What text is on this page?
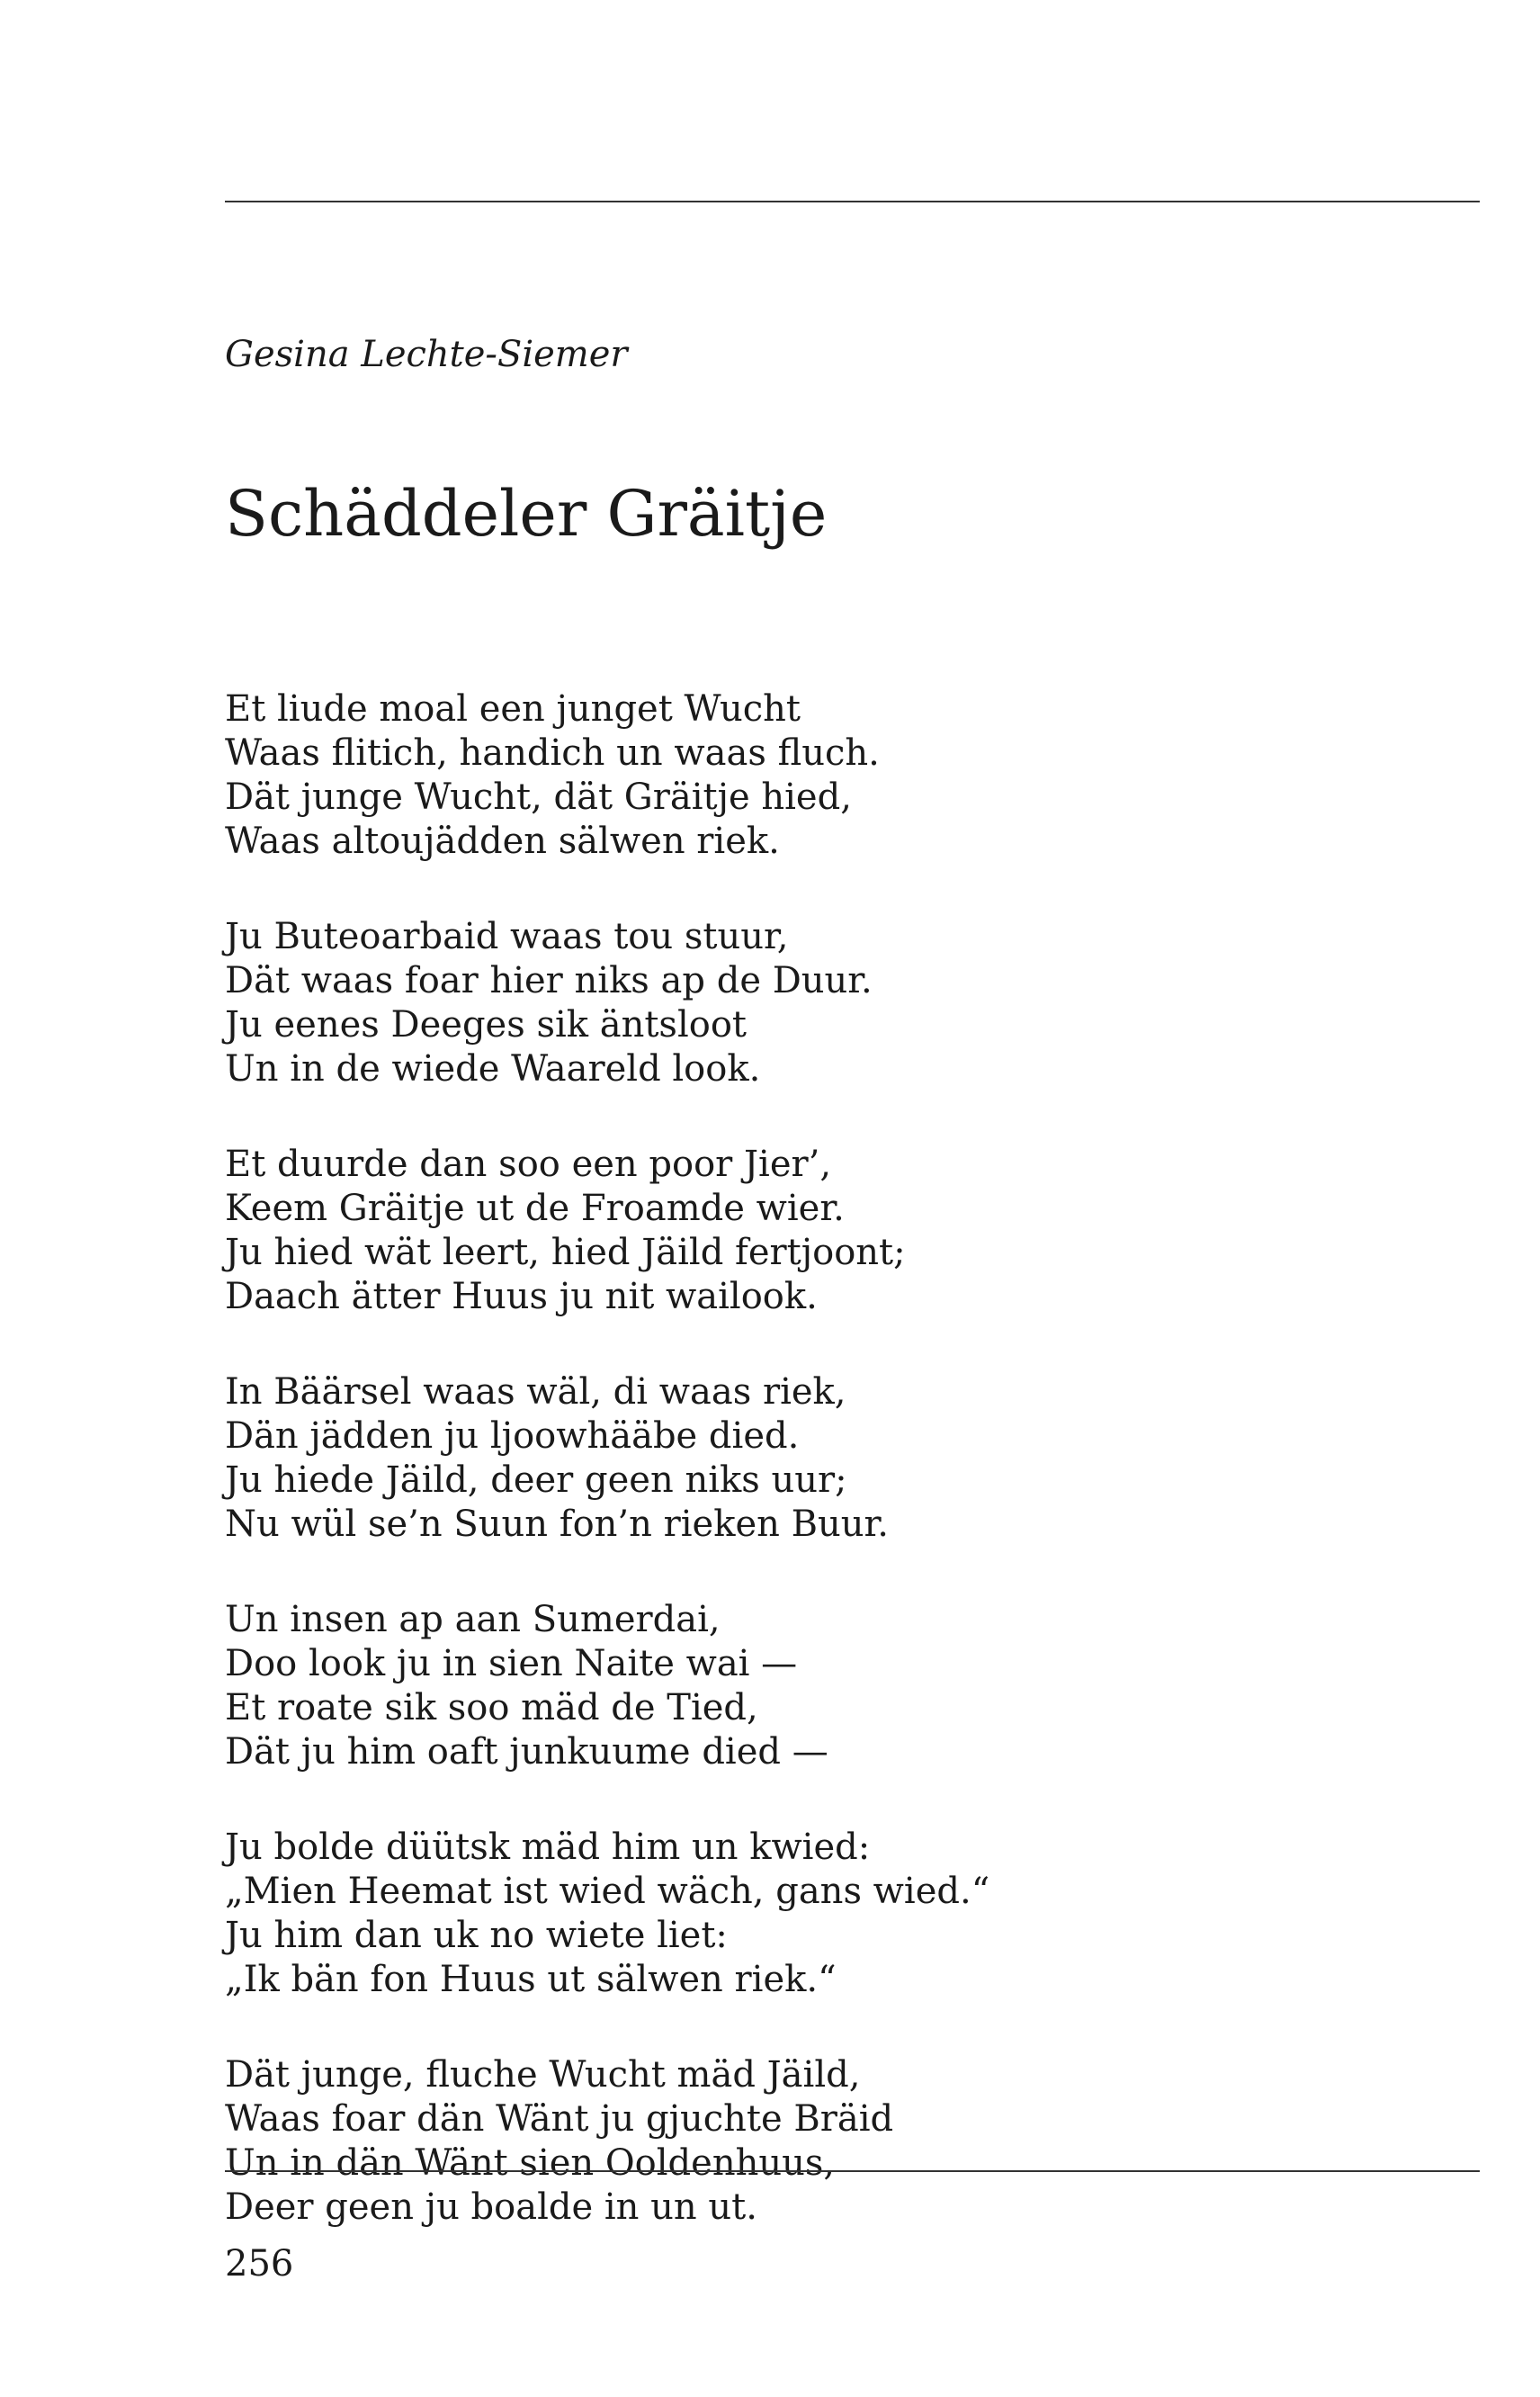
Gesina Lechte-Siemer
Schäddeler Gräitje
Et liude moal een junget Wucht
Waas flitich, handich un waas fluch.
Dät junge Wucht, dät Gräitje hied,
Waas altoujädden sälwen riek.
Ju Buteoarbaid waas tou stuur,
Dät waas foar hier niks ap de Duur.
Ju eenes Deeges sik äntsloot
Un in de wiede Waareld look.
Et duurde dan soo een poor Jier’,
Keem Gräitje ut de Froamde wier.
Ju hied wät leert, hied Jäild fertjoont;
Daach ätter Huus ju nit wailook.
In Bäärsel waas wäl, di waas riek,
Dän jädden ju ljoowhääbe died.
Ju hiede Jäild, deer geen niks uur;
Nu wül se’n Suun fon’n rieken Buur.
Un insen ap aan Sumerdai,
Doo look ju in sien Naite wai —
Et roate sik soo mäd de Tied,
Dät ju him oaft junkuume died —
Ju bolde düütsk mäd him un kwied:
„Mien Heemat ist wied wäch, gans wied.“
Ju him dan uk no wiete liet:
„Ik bän fon Huus ut sälwen riek.“
Dät junge, fluche Wucht mäd Jäild,
Waas foar dän Wänt ju gjuchte Bräid
Un in dän Wänt sien Ooldenhuus,
Deer geen ju boalde in un ut.
256
